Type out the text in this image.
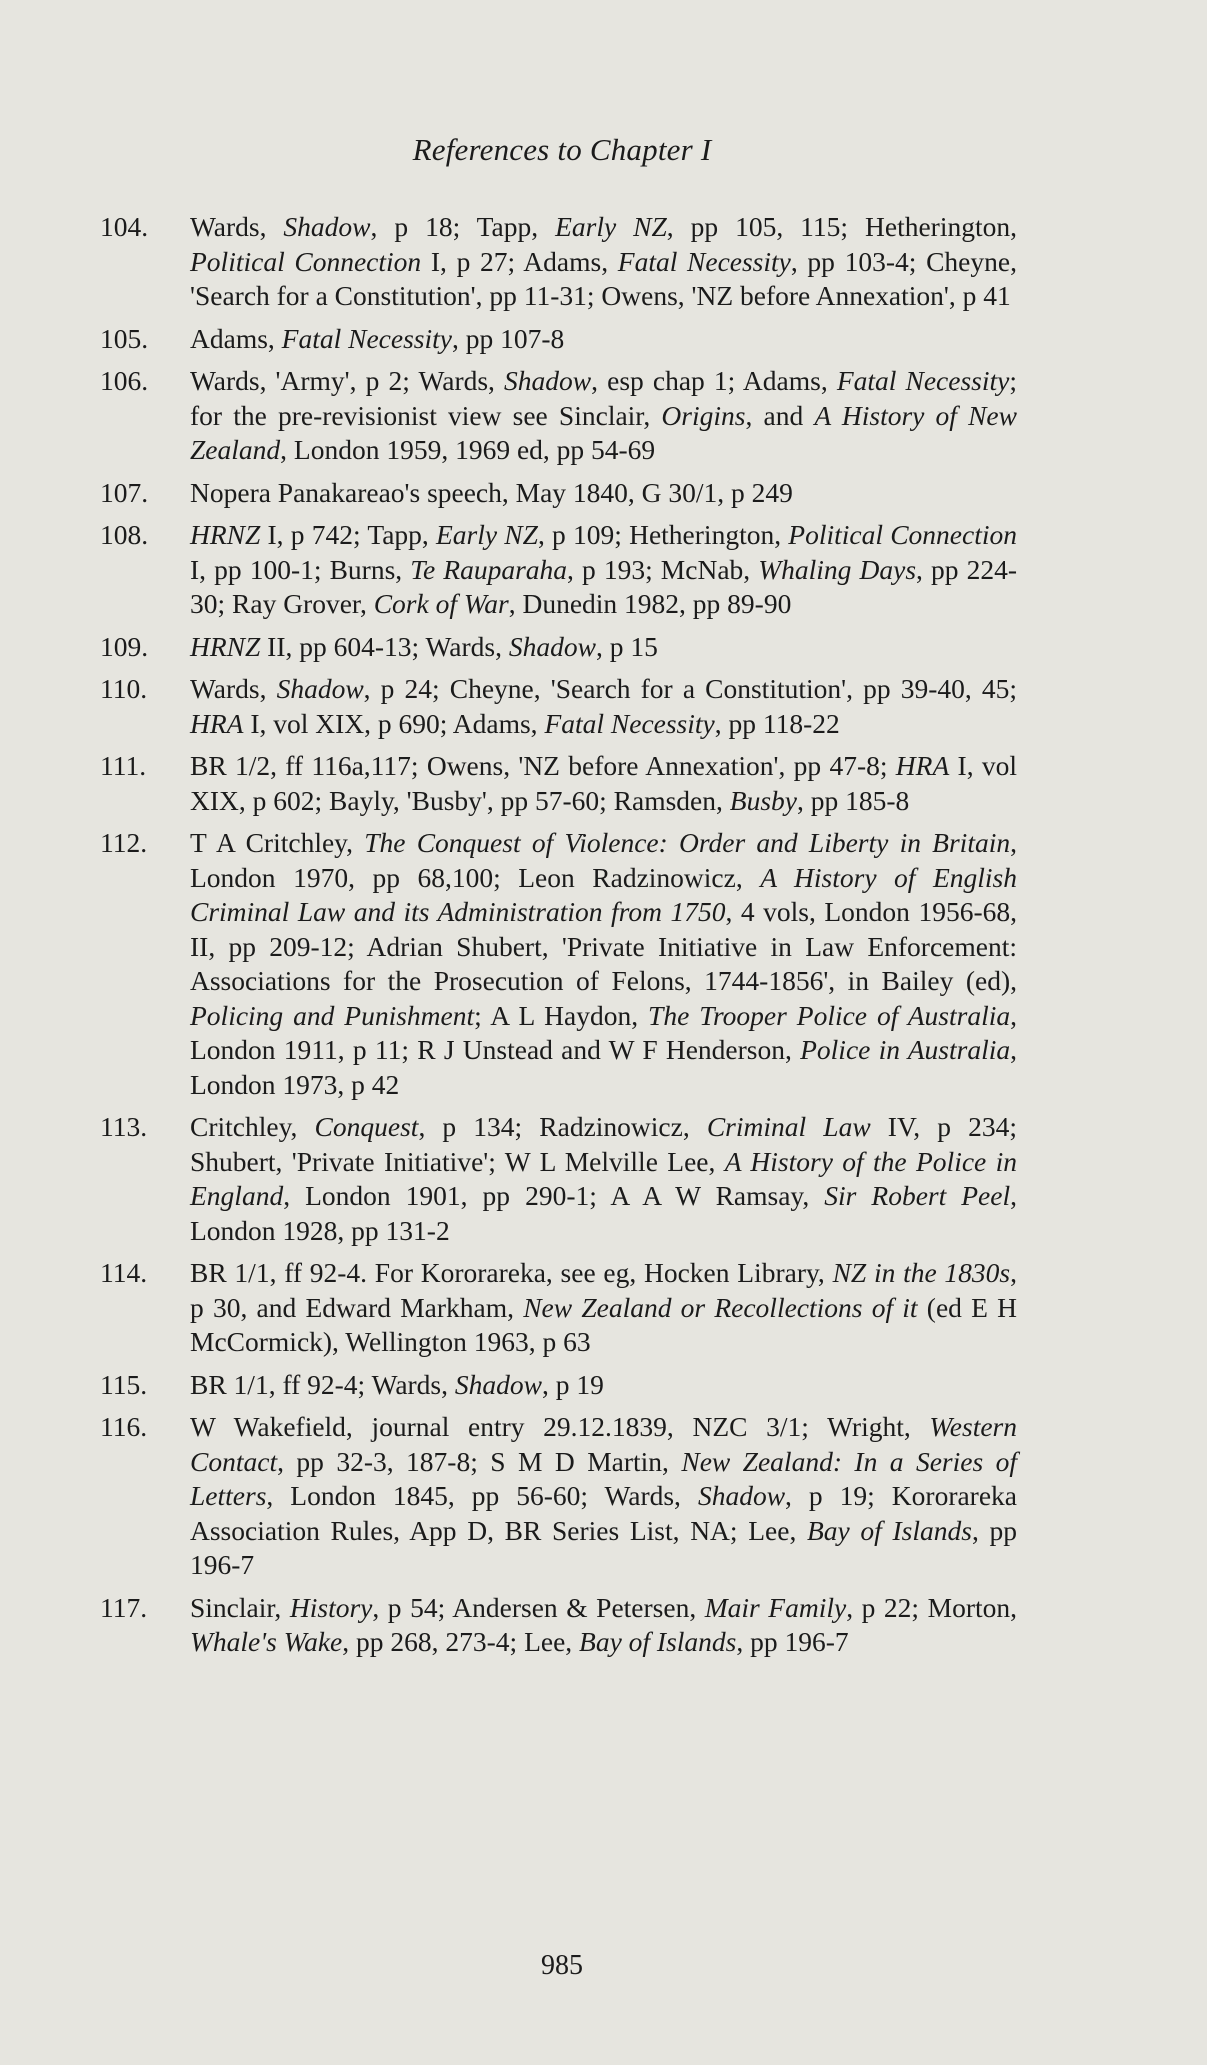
References to Chapter I
104.	Wards, Shadow, p 18; Tapp, Early NZ, pp 105, 115; Hetherington, Political Connection I, p 27; Adams, Fatal Necessity, pp 103-4; Cheyne, 'Search for a Constitution', pp 11-31; Owens, 'NZ before Annexation', p 41
105.	Adams, Fatal Necessity, pp 107-8
106.	Wards, 'Army', p 2; Wards, Shadow, esp chap 1; Adams, Fatal Necessity; for the pre-revisionist view see Sinclair, Origins, and A History of New Zealand, London 1959, 1969 ed, pp 54-69
107.	Nopera Panakareao's speech, May 1840, G 30/1, p 249
108.	HRNZ I, p 742; Tapp, Early NZ, p 109; Hetherington, Political Connection I, pp 100-1; Burns, Te Rauparaha, p 193; McNab, Whaling Days, pp 224-30; Ray Grover, Cork of War, Dunedin 1982, pp 89-90
109.	HRNZ II, pp 604-13; Wards, Shadow, p 15
110.	Wards, Shadow, p 24; Cheyne, 'Search for a Constitution', pp 39-40, 45; HRA I, vol XIX, p 690; Adams, Fatal Necessity, pp 118-22
111.	BR 1/2, ff 116a,117; Owens, 'NZ before Annexation', pp 47-8; HRA I, vol XIX, p 602; Bayly, 'Busby', pp 57-60; Ramsden, Busby, pp 185-8
112.	T A Critchley, The Conquest of Violence: Order and Liberty in Britain, London 1970, pp 68,100; Leon Radzinowicz, A History of English Criminal Law and its Administration from 1750, 4 vols, London 1956-68, II, pp 209-12; Adrian Shubert, 'Private Initiative in Law Enforcement: Associations for the Prosecution of Felons, 1744-1856', in Bailey (ed), Policing and Punishment; A L Haydon, The Trooper Police of Australia, London 1911, p 11; R J Unstead and W F Henderson, Police in Australia, London 1973, p 42
113.	Critchley, Conquest, p 134; Radzinowicz, Criminal Law IV, p 234; Shubert, 'Private Initiative'; W L Melville Lee, A History of the Police in England, London 1901, pp 290-1; A A W Ramsay, Sir Robert Peel, London 1928, pp 131-2
114.	BR 1/1, ff 92-4. For Kororareka, see eg, Hocken Library, NZ in the 1830s, p 30, and Edward Markham, New Zealand or Recollections of it (ed E H McCormick), Wellington 1963, p 63
115.	BR 1/1, ff 92-4; Wards, Shadow, p 19
116.	W Wakefield, journal entry 29.12.1839, NZC 3/1; Wright, Western Contact, pp 32-3, 187-8; S M D Martin, New Zealand: In a Series of Letters, London 1845, pp 56-60; Wards, Shadow, p 19; Kororareka Association Rules, App D, BR Series List, NA; Lee, Bay of Islands, pp 196-7
117.	Sinclair, History, p 54; Andersen & Petersen, Mair Family, p 22; Morton, Whale's Wake, pp 268, 273-4; Lee, Bay of Islands, pp 196-7
985
